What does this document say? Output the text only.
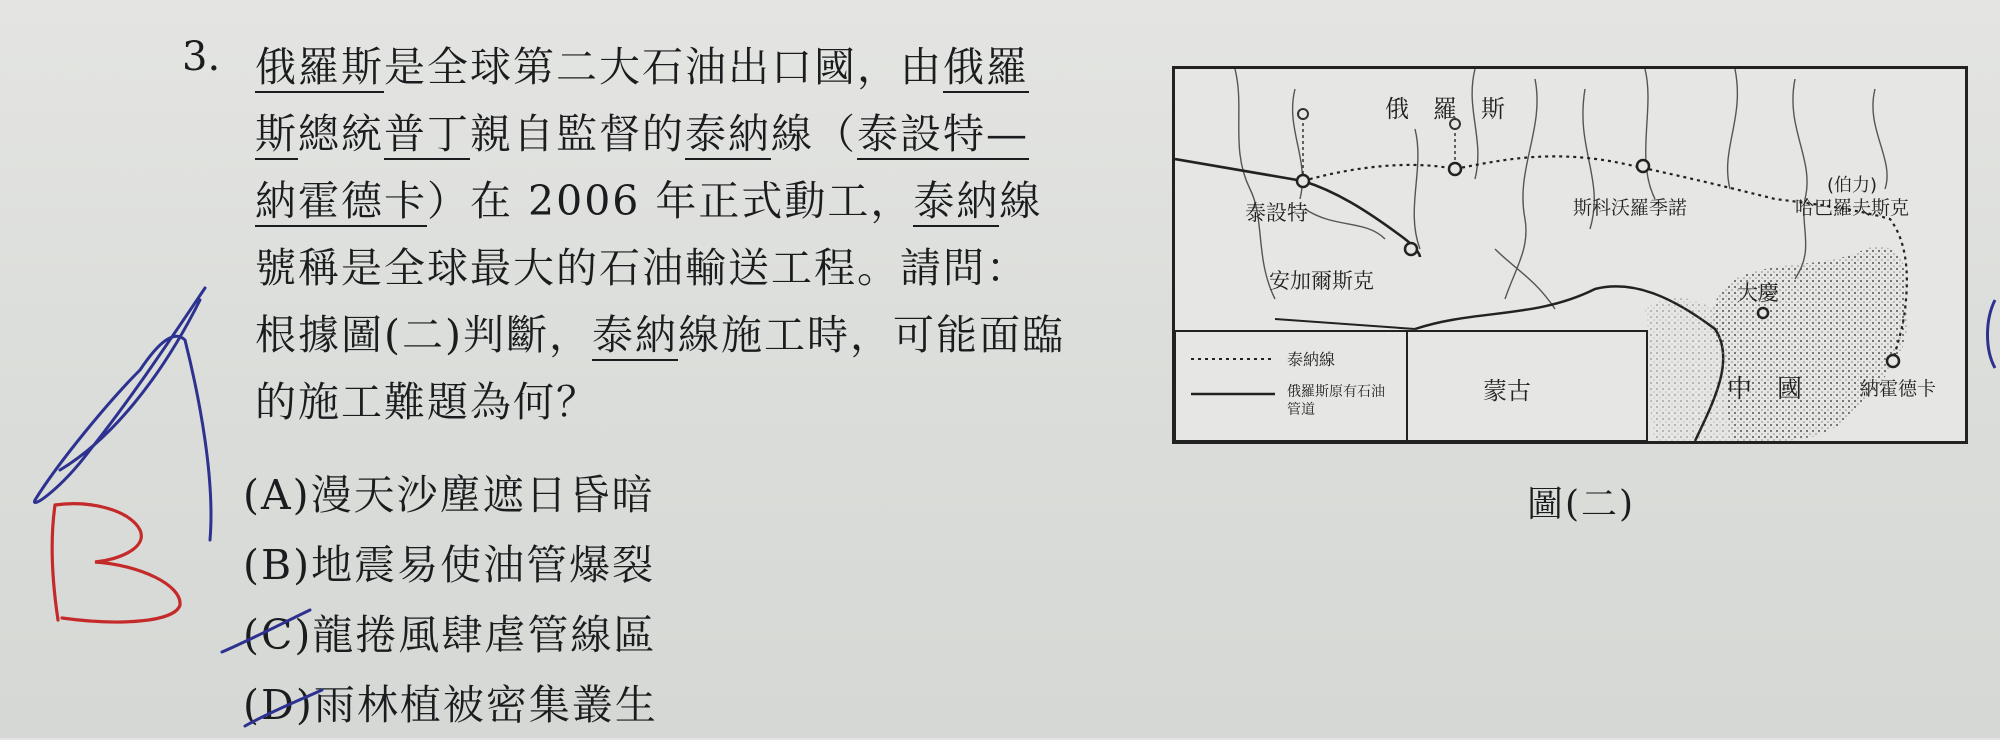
3. 俄羅斯是全球第二大石油出口國，由俄羅
斯總統普丁親自監督的泰納線（泰設特—
納霍德卡）在 2006 年正式動工，泰納線
號稱是全球最大的石油輸送工程。請問：
根據圖(二)判斷，泰納線施工時，可能面臨
的施工難題為何？
(A)漫天沙塵遮日昏暗
(B)地震易使油管爆裂
(C)龍捲風肆虐管線區
(D)雨林植被密集叢生
俄　羅　斯
泰設特
安加爾斯克
斯科沃羅季諾
(伯力)
哈巴羅夫斯克
大慶
納霍德卡
蒙古	中　國
泰納線
俄羅斯原有石油管道
圖(二)
